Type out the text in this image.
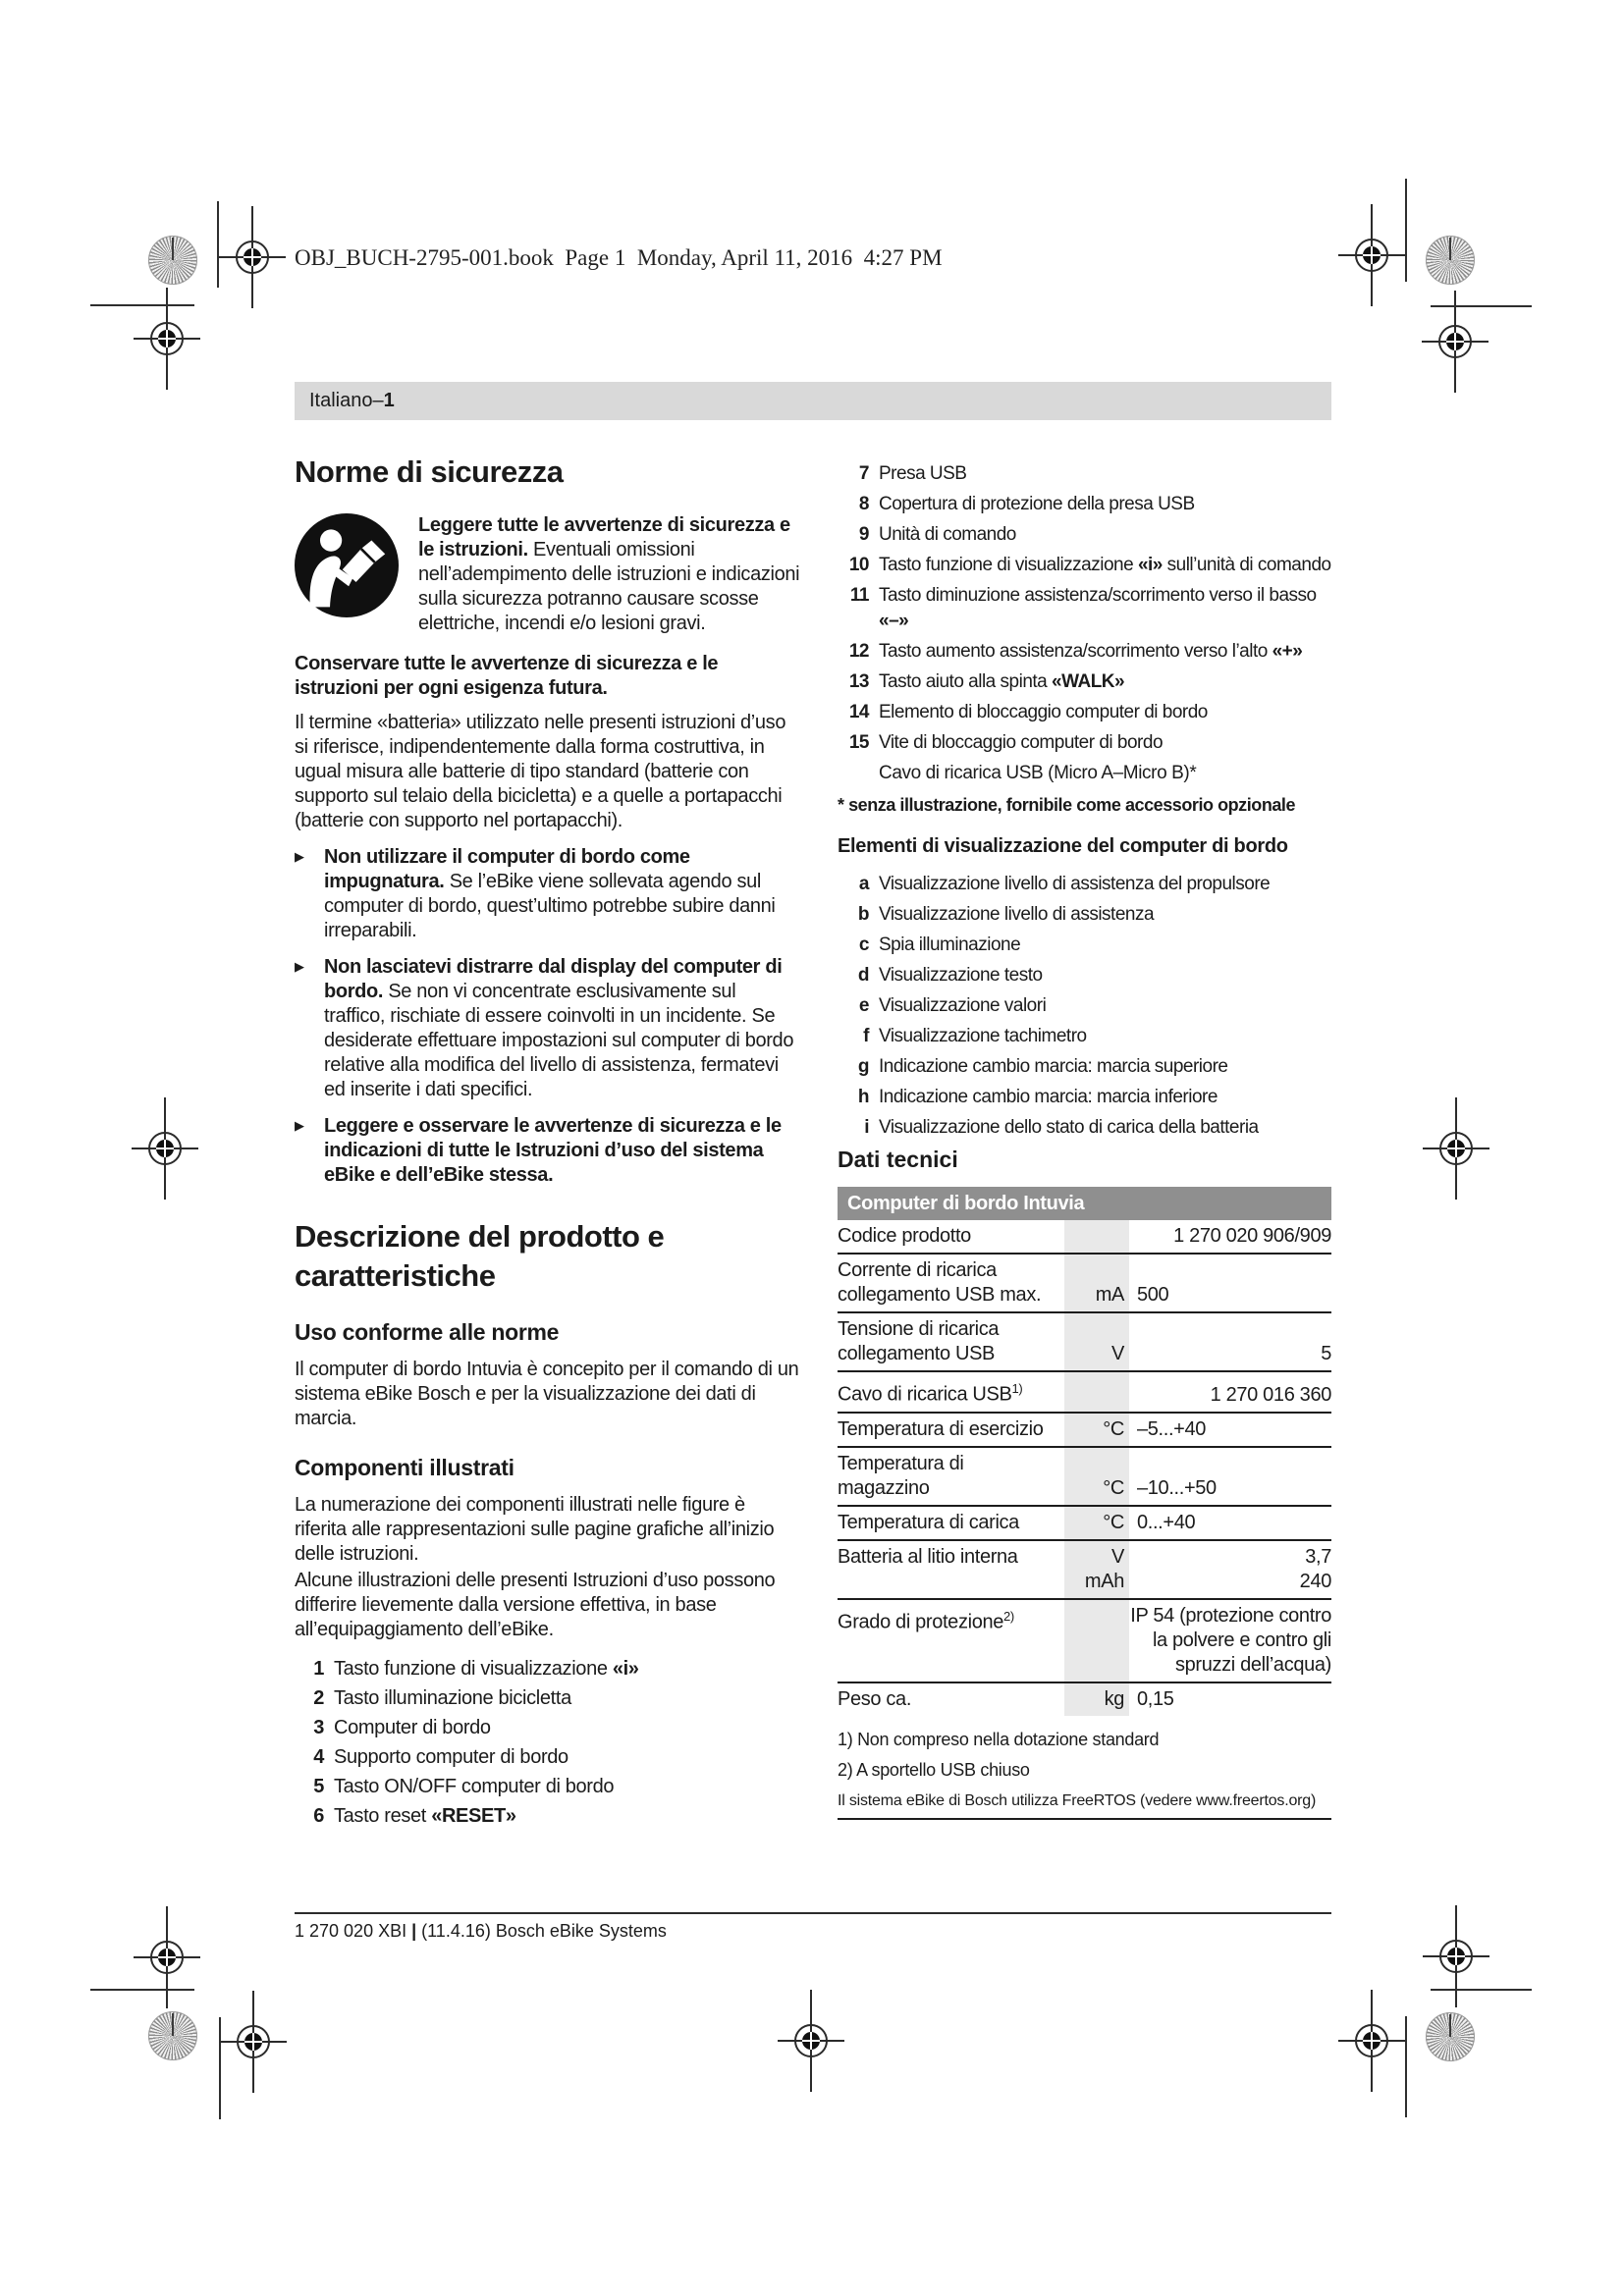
OBJ_BUCH-2795-001.book  Page 1  Monday, April 11, 2016  4:27 PM
Italiano–1
Norme di sicurezza
Leggere tutte le avvertenze di sicurezza e le istruzioni. Eventuali omissioni nell’adempimento delle istruzioni e indicazioni sulla sicurezza potranno causare scosse elettriche, incendi e/o lesioni gravi.

Conservare tutte le avvertenze di sicurezza e le istruzioni per ogni esigenza futura.

Il termine «batteria» utilizzato nelle presenti istruzioni d’uso si riferisce, indipendentemente dalla forma costruttiva, in ugual misura alle batterie di tipo standard (batterie con supporto sul telaio della bicicletta) e a quelle a portapacchi (batterie con supporto nel portapacchi).

▶	Non utilizzare il computer di bordo come impugnatura. Se l’eBike viene sollevata agendo sul computer di bordo, quest’ultimo potrebbe subire danni irreparabili.
▶	Non lasciatevi distrarre dal display del computer di bordo. Se non vi concentrate esclusivamente sul traffico, rischiate di essere coinvolti in un incidente. Se desiderate effettuare impostazioni sul computer di bordo relative alla modifica del livello di assistenza, fermatevi ed inserite i dati specifici.
▶	Leggere e osservare le avvertenze di sicurezza e le indicazioni di tutte le Istruzioni d’uso del sistema eBike e dell’eBike stessa.
Descrizione del prodotto e caratteristiche
Uso conforme alle norme

Il computer di bordo Intuvia è concepito per il comando di un sistema eBike Bosch e per la visualizzazione dei dati di marcia.

Componenti illustrati

La numerazione dei componenti illustrati nelle figure è riferita alle rappresentazioni sulle pagine grafiche all’inizio delle istruzioni.

Alcune illustrazioni delle presenti Istruzioni d’uso possono differire lievemente dalla versione effettiva, in base all’equipaggiamento dell’eBike.

1 Tasto funzione di visualizzazione «i»
2 Tasto illuminazione bicicletta
3 Computer di bordo
4 Supporto computer di bordo
5 Tasto ON/OFF computer di bordo
6 Tasto reset «RESET»
7 Presa USB
8 Copertura di protezione della presa USB
9 Unità di comando
10 Tasto funzione di visualizzazione «i» sull’unità di comando
11 Tasto diminuzione assistenza/scorrimento verso il basso
«–»
12 Tasto aumento assistenza/scorrimento verso l’alto «+»
13 Tasto aiuto alla spinta «WALK»
14 Elemento di bloccaggio computer di bordo
15 Vite di bloccaggio computer di bordo
Cavo di ricarica USB (Micro A–Micro B)*
* senza illustrazione, fornibile come accessorio opzionale
Elementi di visualizzazione del computer di bordo
a Visualizzazione livello di assistenza del propulsore
b Visualizzazione livello di assistenza
c Spia illuminazione
d Visualizzazione testo
e Visualizzazione valori
f Visualizzazione tachimetro
g Indicazione cambio marcia: marcia superiore
h Indicazione cambio marcia: marcia inferiore
i Visualizzazione dello stato di carica della batteria
Dati tecnici
Computer di bordo Intuvia
Codice prodotto	1 270 020 906/909
Corrente di ricarica collegamento USB max.	mA 500
Tensione di ricarica collegamento USB	V	5
Cavo di ricarica USB$^{1)}$	1 270 016 360
Temperatura di esercizio	°C –5...+40
Temperatura di magazzino	°C –10...+50
Temperatura di carica	°C 0...+40
Batteria al litio interna	V	3,7
mAh	240
Grado di protezione$^{2)}$	IP 54 (protezione contro la polvere e contro gli spruzzi dell’acqua)
Peso ca.	kg 0,15

1) Non compreso nella dotazione standard

2) A sportello USB chiuso

Il sistema eBike di Bosch utilizza FreeRTOS (vedere www.freertos.org)
1 270 020 XBI | (11.4.16) Bosch eBike Systems
